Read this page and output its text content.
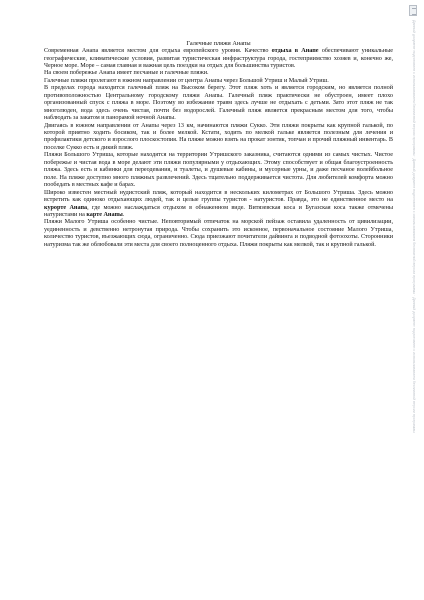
Галечные пляжи Анапы
Современная Анапа является местом для отдыха европейского уровня. Качество отдыха в Анапе обеспечивают уникальные географические, климатические условия, развитая туристическая инфраструктура города, гостеприимство хозяев и, конечно же, Черное море. Море – самая главная и важная цель поездки на отдых для большинства туристов.
На своем побережье Анапа имеет песчаные и галечные пляжи.
Галечные пляжи пролегают в южном направлении от центра Анапы через Большой Утриш и Малый Утриш.
В пределах города находится галечный пляж на Высоком берегу. Этот пляж хоть и является городским, но является полной противоположностью Центральному городскому пляжи Анапы. Галечный пляж практически не обустроен, имеет плохо организованный спуск с пляжа в море. Поэтому во избежание травм здесь лучше не отдыхать с детьми. Зато этот пляж не так многолюден, вода здесь очень чистая, почти без водорослей. Галечный пляж является прекрасным местом для того, чтобы наблюдать за закатом и панорамой ночной Анапы.
Двигаясь в южном направлении от Анапы через 13 км, начинаются пляжи Сукко. Эти пляжи покрыты как крупной галькой, по которой приятно ходить босиком, так и более мелкой. Кстати, ходить по мелкой гальке является полезным для лечения и профилактики детского и взрослого плоскостопия. На пляже можно взять на прокат зонтик, топчан и прочий пляжный инвентарь. В поселке Сукко есть и дикий пляж.
Пляжи Большого Утриша, которые находятся на территории Утришского заказника, считаются одними из самых чистых. Чистое побережье и чистая вода в море делают эти пляжи популярными у отдыхающих. Этому способствует и общая благоустроенность пляжа. Здесь есть и кабинки для переодевания, и туалеты, и душевые кабины, и мусорные урны, и даже песчаное волейбольное поле. На пляже доступно много пляжных развлечений. Здесь тщательно поддерживается чистота. Для любителей комфорта можно пообедать в местных кафе и барах.
Широко известен местный нудистский пляж, который находится в нескольких километрах от Большого Утриша. Здесь можно встретить как одиноко отдыхающих людей, так и целые группы туристов - натуристов. Правда, это не единственное место на курорте Анапа, где можно наслаждаться отдыхом в обнаженном виде. Витязевская коса и Бугазская коса также отмечены натуристами на карте Анапы.
Пляжи Малого Утриша особенно чистые. Неповторимый отпечаток на морской пейзаж оставила удаленность от цивилизации, уединенность и девственно нетронутая природа. Чтобы сохранить это исконное, первоначальное состояние Малого Утриша, количество туристов, въезжающих сюда, ограниченно. Сюда приезжают почитатели дайвинга и подводной фотоохоты. Сторонники натуризма так же облюбовали эти места для своего полноценного отдыха. Пляжи покрыты как мелкой, так и крупной галькой.	Данный документ подготовлен с использованием бесплатной версии программы · Данный документ подготовлен с использованием бесплатной версии программы · Данный документ подготовлен с использованием бесплатной версии программы
